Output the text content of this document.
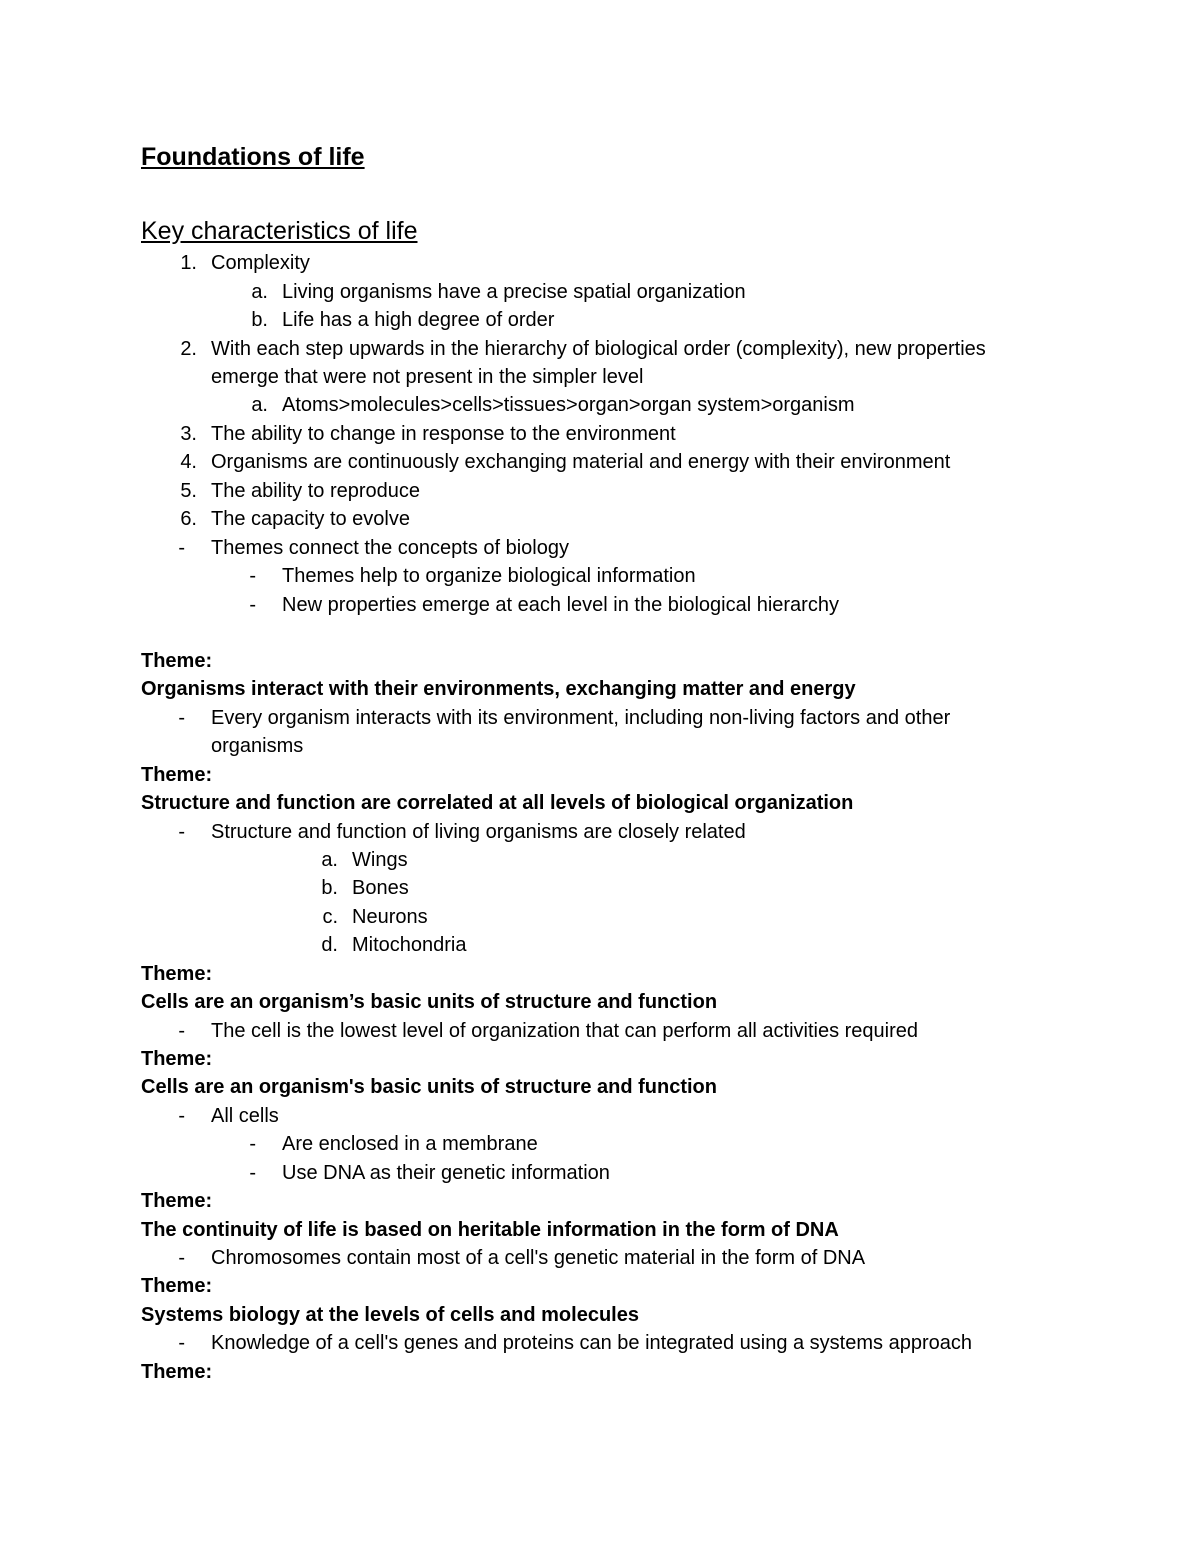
Foundations of life
Key characteristics of life
1. Complexity
a. Living organisms have a precise spatial organization
b. Life has a high degree of order
2. With each step upwards in the hierarchy of biological order (complexity), new properties
emerge that were not present in the simpler level
a. Atoms>molecules>cells>tissues>organ>organ system>organism
3. The ability to change in response to the environment
4. Organisms are continuously exchanging material and energy with their environment
5. The ability to reproduce
6. The capacity to evolve
- Themes connect the concepts of biology
- Themes help to organize biological information
- New properties emerge at each level in the biological hierarchy
Theme:
Organisms interact with their environments, exchanging matter and energy
- Every organism interacts with its environment, including non-living factors and other
organisms
Theme:
Structure and function are correlated at all levels of biological organization
- Structure and function of living organisms are closely related
a. Wings
b. Bones
c. Neurons
d. Mitochondria
Theme:
Cells are an organism’s basic units of structure and function
- The cell is the lowest level of organization that can perform all activities required
Theme:
Cells are an organism's basic units of structure and function
- All cells
- Are enclosed in a membrane
- Use DNA as their genetic information
Theme:
The continuity of life is based on heritable information in the form of DNA
- Chromosomes contain most of a cell's genetic material in the form of DNA
Theme:
Systems biology at the levels of cells and molecules
- Knowledge of a cell's genes and proteins can be integrated using a systems approach
Theme:
